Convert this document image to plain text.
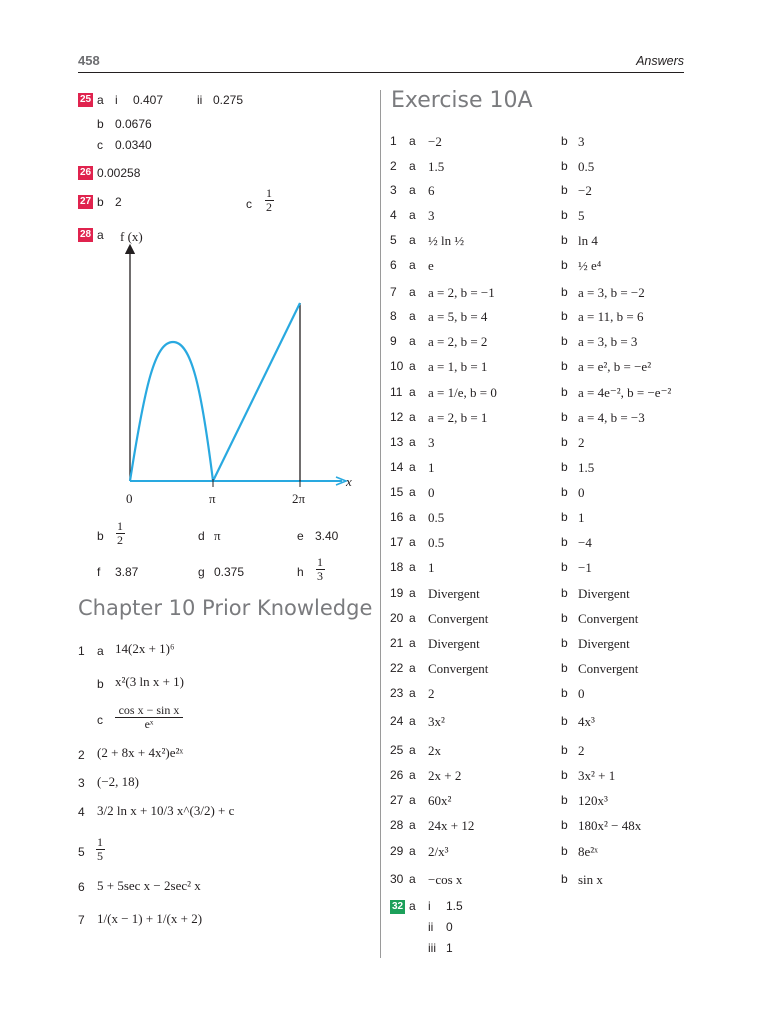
458	Answers
25 a i 0.407	ii 0.275
b 0.0676
c 0.0340
26 0.00258
27 b 2	c
1
2
28 a f (x)
x
0	π	2π
b
1
2	d π	e 3.40
f 3.87	g 0.375	h
1
3
Chapter 10 Prior Knowledge
1 a 14(2x + 1)⁶
b x²(3 ln x + 1)
c
cos x − sin x
eˣ
2 (2 + 8x + 4x²)e²ˣ
3 (−2, 18)
4 3/2 ln x + 10/3 x^(3/2) + c
5
1
5
6 5 + 5sec x − 2sec² x
7 1/(x − 1) + 1/(x + 2)
Exercise 10A
1 a −2	b 3
2 a 1.5	b 0.5
3 a 6	b −2
4 a 3	b 5
5 a ½ ln ½	b ln 4
6 a e	b ½ e⁴
7 a a = 2, b = −1	b a = 3, b = −2
8 a a = 5, b = 4	b a = 11, b = 6
9 a a = 2, b = 2	b a = 3, b = 3
10 a a = 1, b = 1	b a = e², b = −e²
11 a a = 1/e, b = 0	b a = 4e⁻², b = −e⁻²
12 a a = 2, b = 1	b a = 4, b = −3
13 a 3	b 2
14 a 1	b 1.5
15 a 0	b 0
16 a 0.5	b 1
17 a 0.5	b −4
18 a 1	b −1
19 a Divergent	b Divergent
20 a Convergent	b Convergent
21 a Divergent	b Divergent
22 a Convergent	b Convergent
23 a 2	b 0
24 a 3x²	b 4x³
25 a 2x	b 2
26 a 2x + 2	b 3x² + 1
27 a 60x²	b 120x³
28 a 24x + 12	b 180x² − 48x
29 a 2/x³	b 8e²ˣ
30 a −cos x	b sin x
32 a i 1.5
ii 0
iii 1
